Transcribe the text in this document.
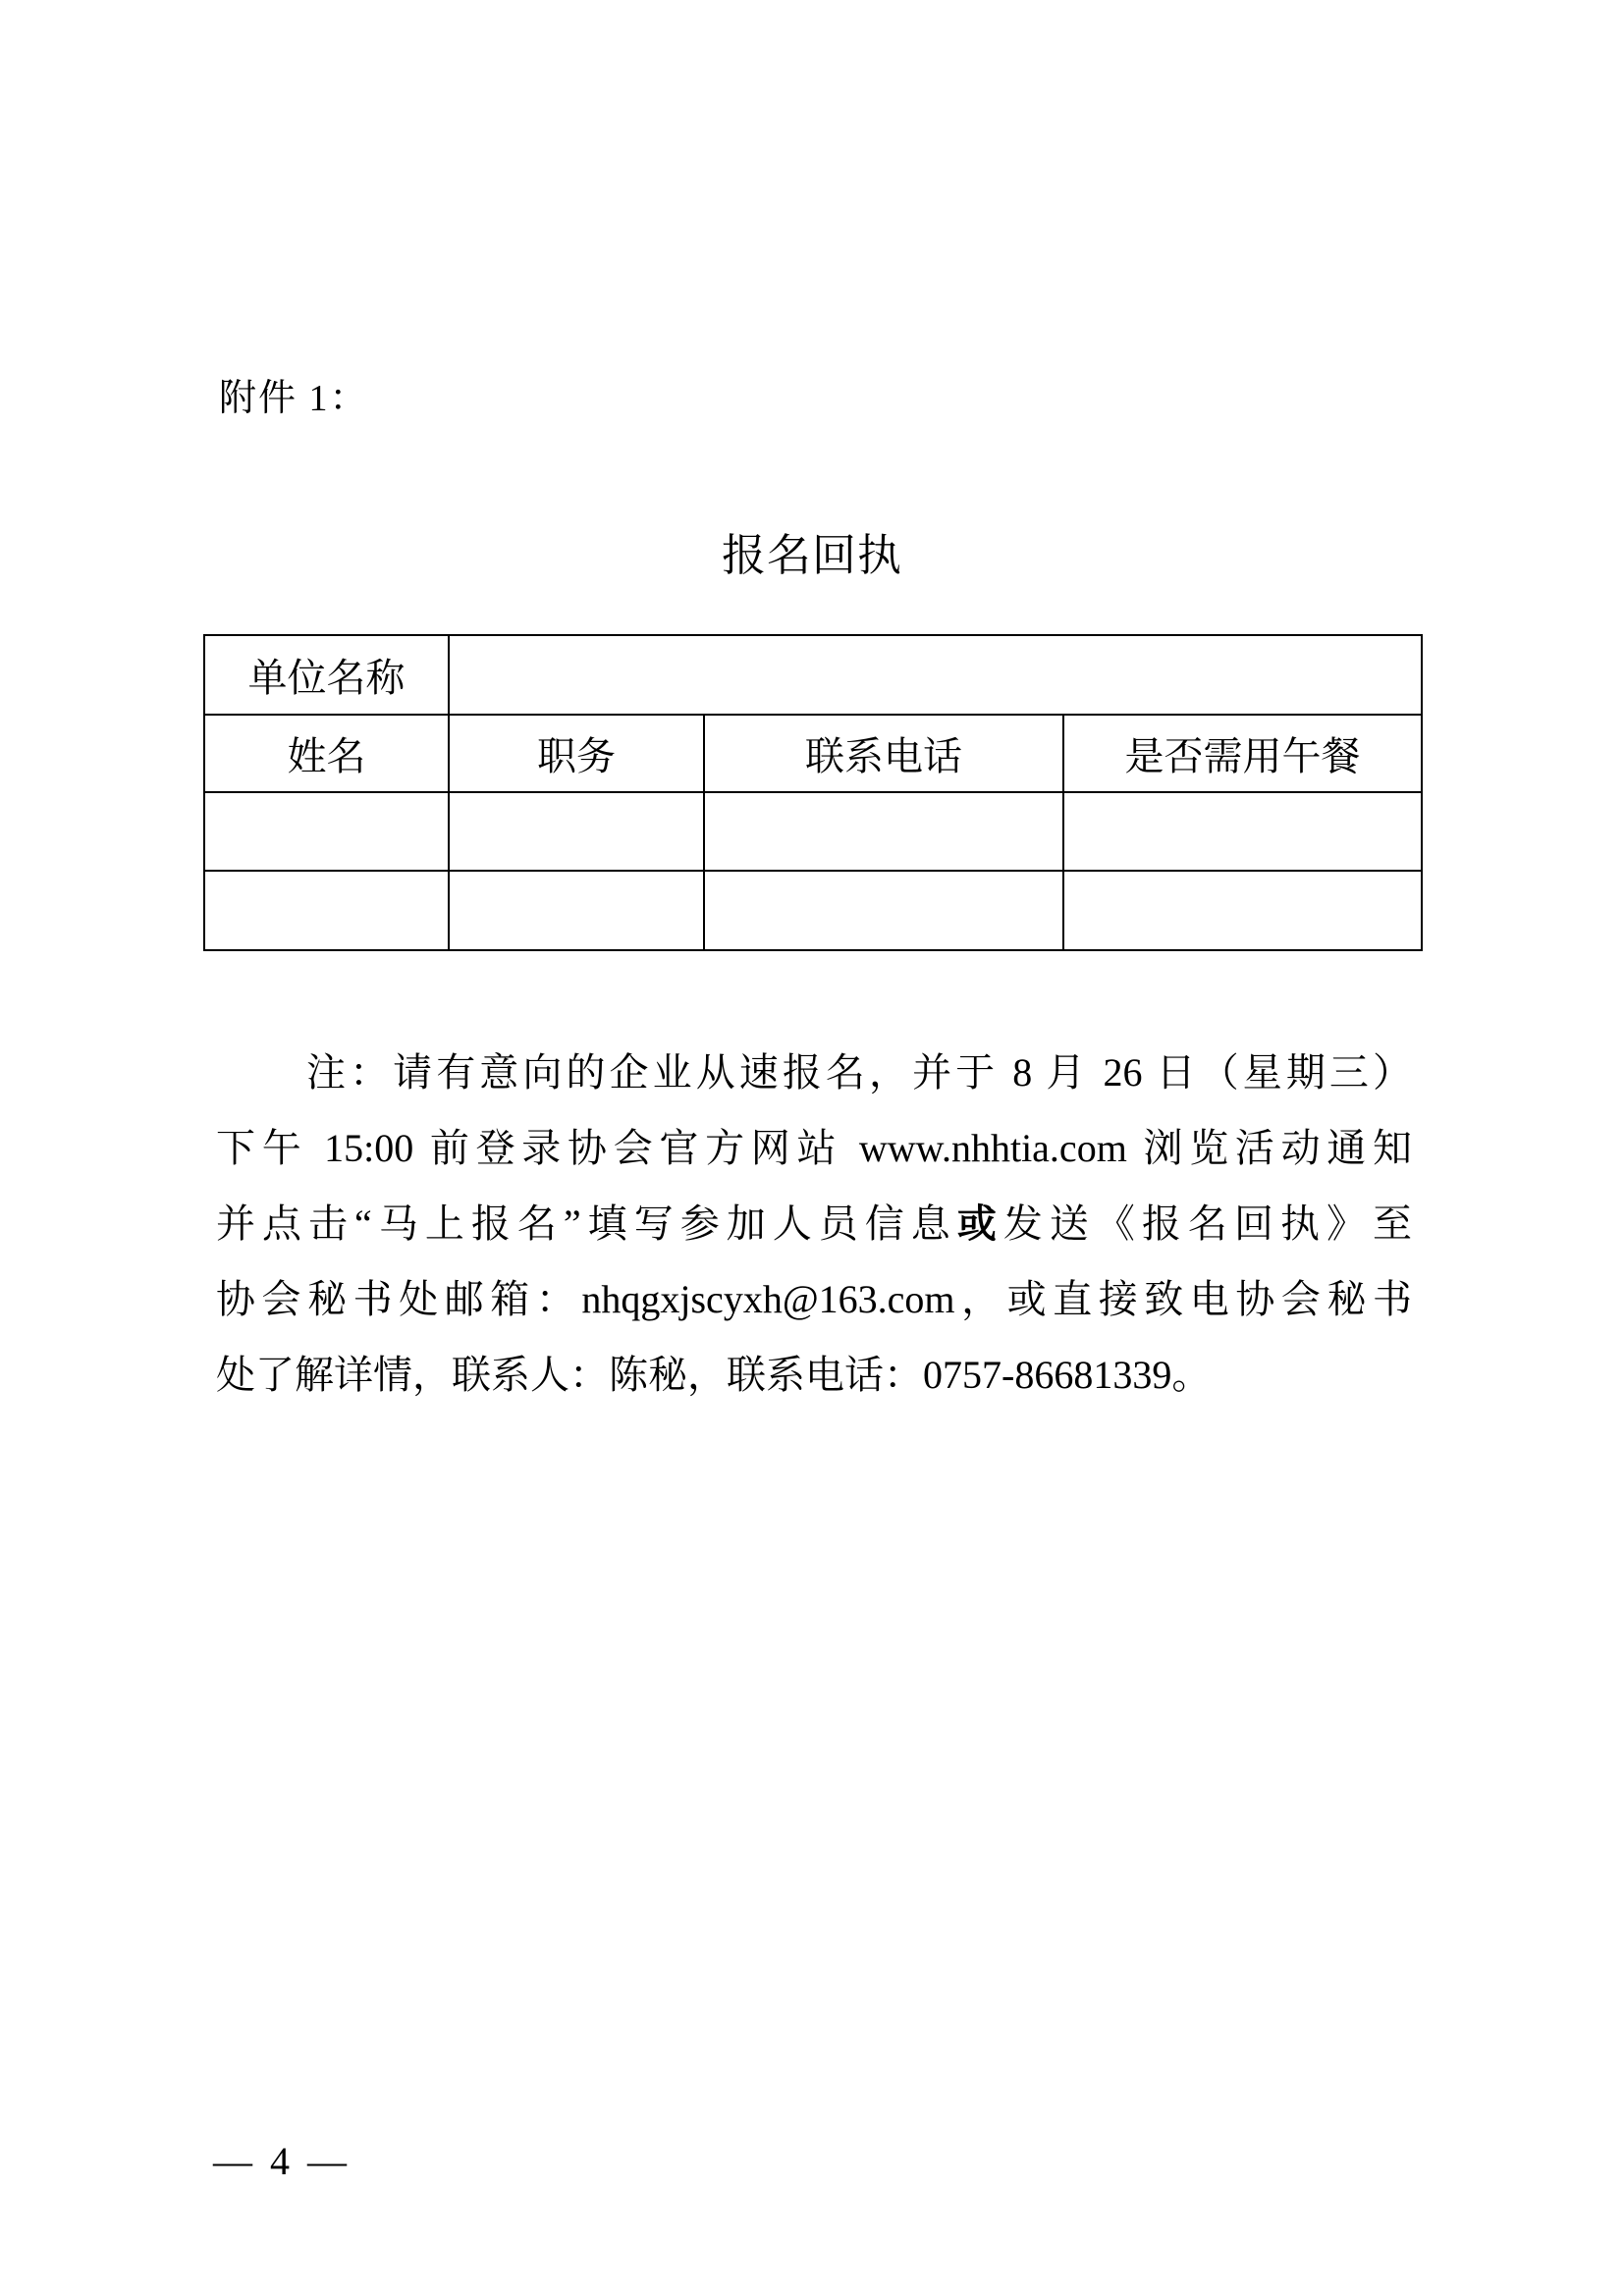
附件 1：
报名回执
单位名称			
姓名	职务	联系电话	是否需用午餐

注：请有意向的企业从速报名，并于 8 月 26 日（星期三）
下午 15:00 前登录协会官方网站 www.nhhtia.com 浏览活动通知
并点击“马上报名”填写参加人员信息或发送《报名回执》至
协会秘书处邮箱：nhqgxjscyxh@163.com，或直接致电协会秘书
处了解详情，联系人：陈秘，联系电话：0757-86681339。
— 4 —
